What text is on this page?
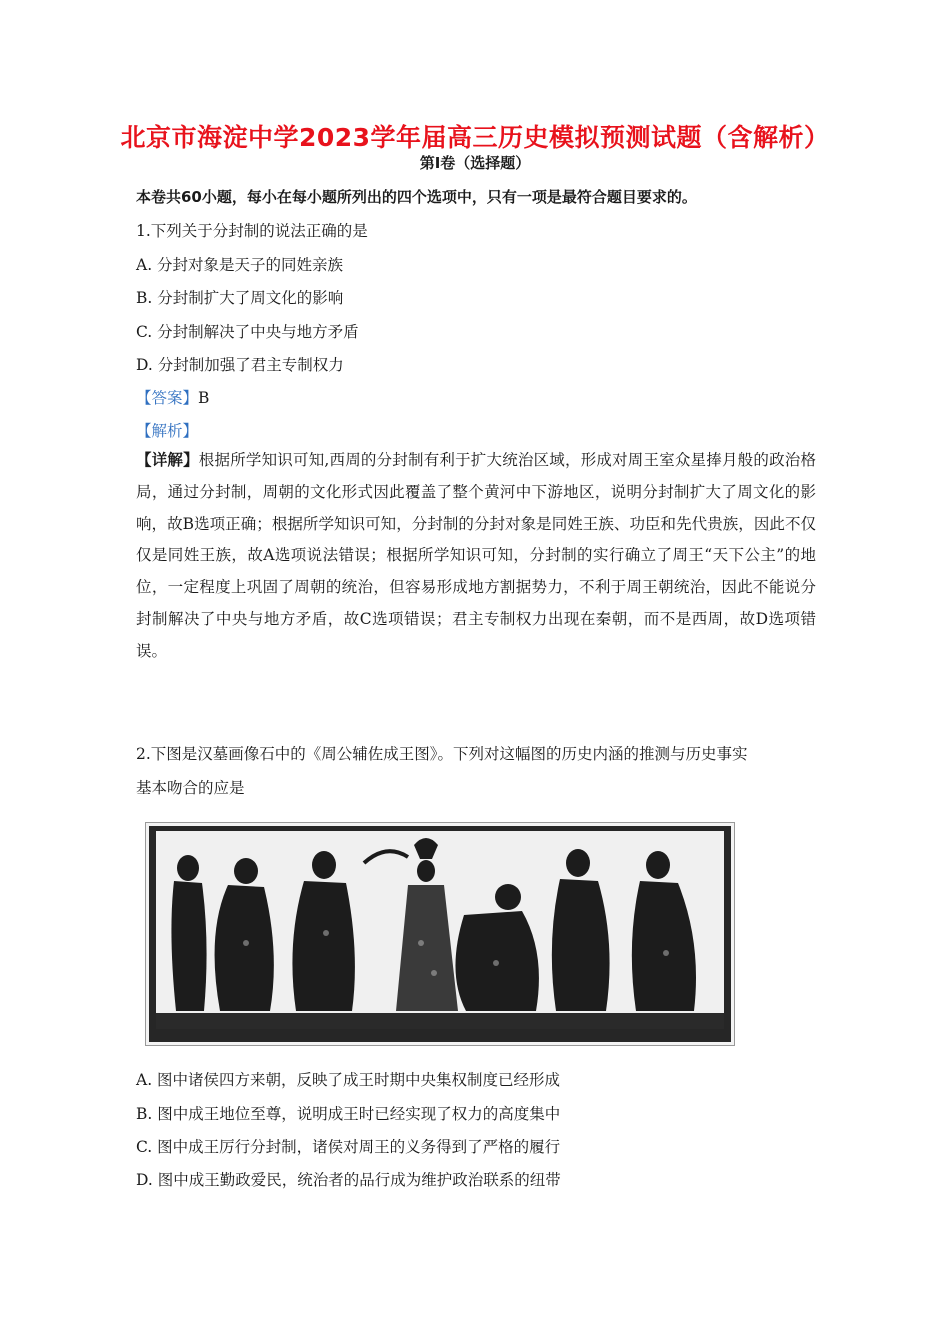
北京市海淀中学2023学年届高三历史模拟预测试题（含解析）
第I卷（选择题）
本卷共60小题，每小在每小题所列出的四个选项中，只有一项是最符合题目要求的。
1.下列关于分封制的说法正确的是
A. 分封对象是天子的同姓亲族
B. 分封制扩大了周文化的影响
C. 分封制解决了中央与地方矛盾
D. 分封制加强了君主专制权力
【答案】B
【解析】
【详解】根据所学知识可知,西周的分封制有利于扩大统治区域，形成对周王室众星捧月般的政治格局，通过分封制，周朝的文化形式因此覆盖了整个黄河中下游地区，说明分封制扩大了周文化的影响，故B选项正确；根据所学知识可知，分封制的分封对象是同姓王族、功臣和先代贵族，因此不仅仅是同姓王族，故A选项说法错误；根据所学知识可知，分封制的实行确立了周王“天下公主”的地位，一定程度上巩固了周朝的统治，但容易形成地方割据势力，不利于周王朝统治，因此不能说分封制解决了中央与地方矛盾，故C选项错误；君主专制权力出现在秦朝，而不是西周，故D选项错误。
2.下图是汉墓画像石中的《周公辅佐成王图》。下列对这幅图的历史内涵的推测与历史事实
基本吻合的应是
A. 图中诸侯四方来朝，反映了成王时期中央集权制度已经形成
B. 图中成王地位至尊，说明成王时已经实现了权力的高度集中
C. 图中成王厉行分封制，诸侯对周王的义务得到了严格的履行
D. 图中成王勤政爱民，统治者的品行成为维护政治联系的纽带
